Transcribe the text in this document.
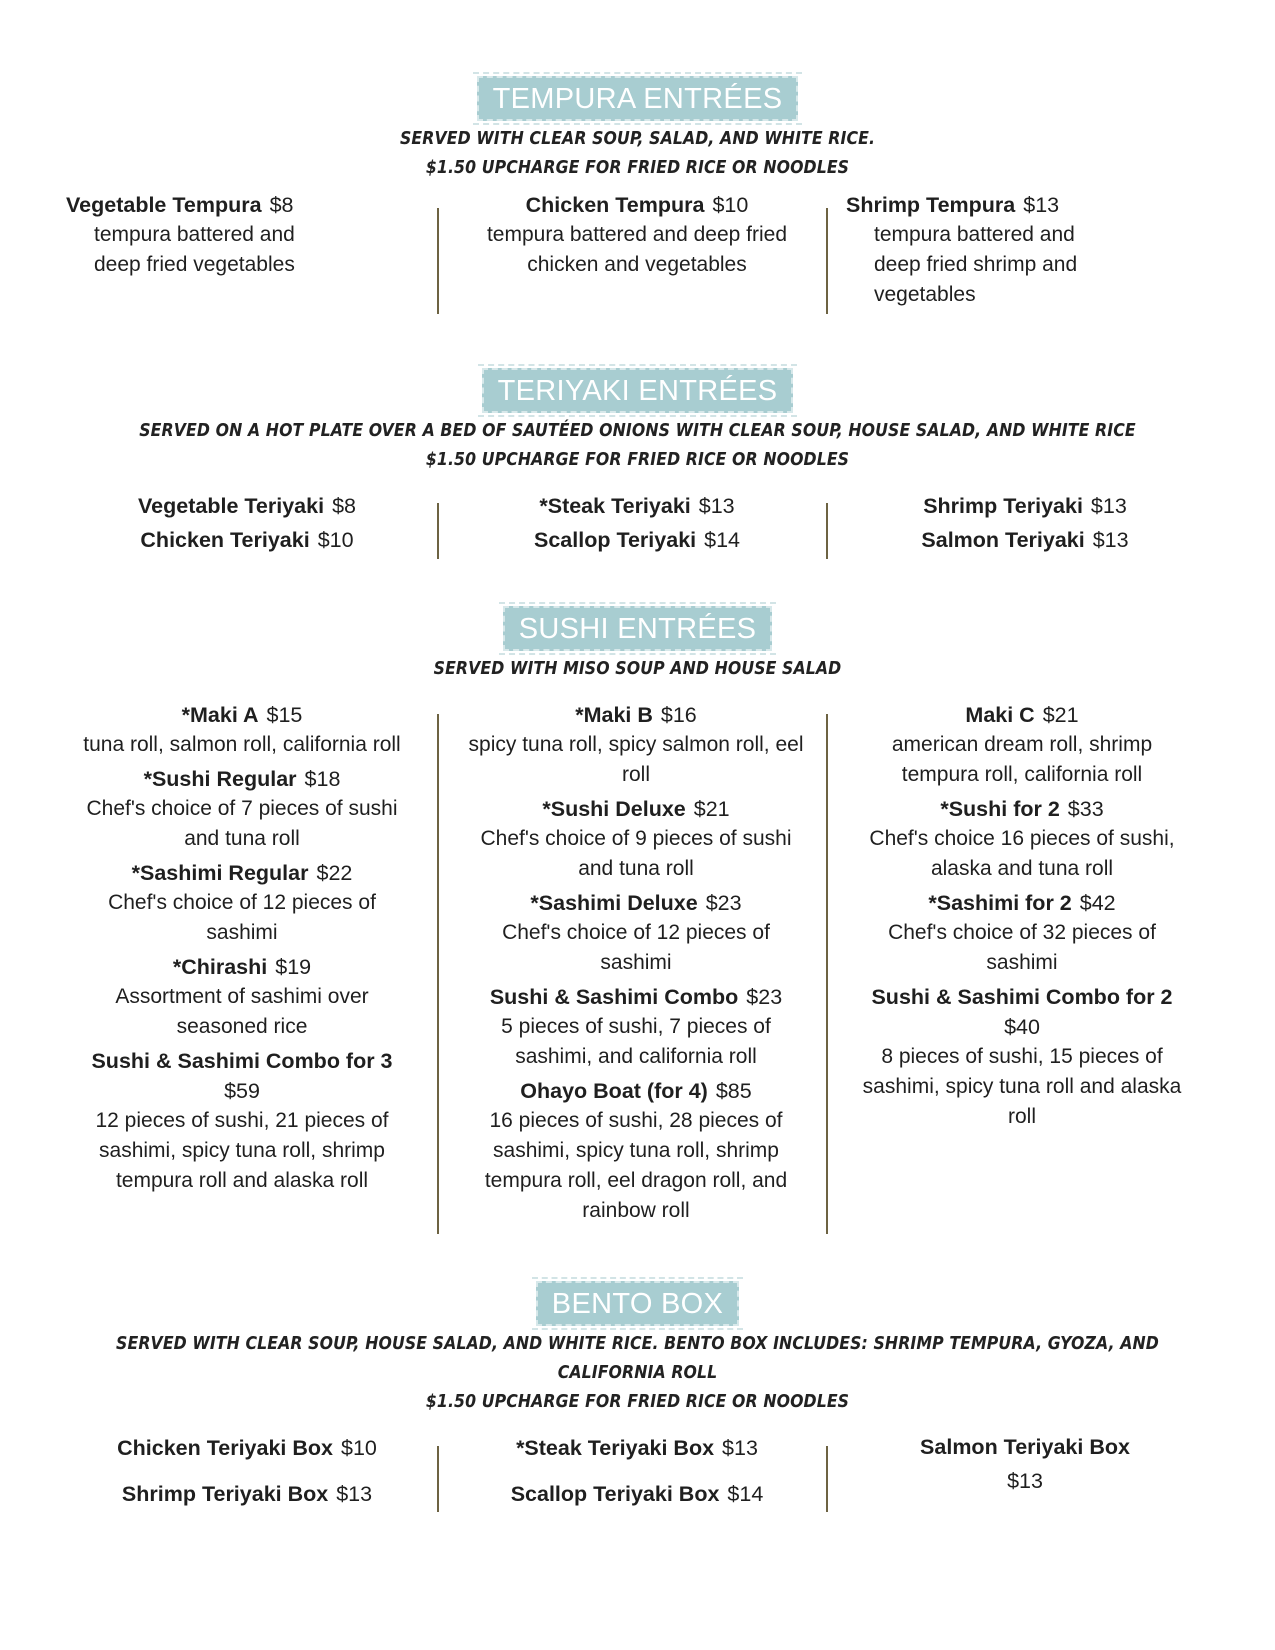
TEMPURA ENTRÉES
SERVED WITH CLEAR SOUP, SALAD, AND WHITE RICE.
$1.50 UPCHARGE FOR FRIED RICE OR NOODLES
Vegetable Tempura $8
tempura battered and
deep fried vegetables
Chicken Tempura $10
tempura battered and deep fried
chicken and vegetables
Shrimp Tempura $13
tempura battered and
deep fried shrimp and
vegetables
TERIYAKI ENTRÉES
SERVED ON A HOT PLATE OVER A BED OF SAUTÉED ONIONS WITH CLEAR SOUP, HOUSE SALAD, AND WHITE RICE
$1.50 UPCHARGE FOR FRIED RICE OR NOODLES
Vegetable Teriyaki $8
Chicken Teriyaki $10
*Steak Teriyaki $13
Scallop Teriyaki $14
Shrimp Teriyaki $13
Salmon Teriyaki $13
SUSHI ENTRÉES
SERVED WITH MISO SOUP AND HOUSE SALAD
*Maki A $15
tuna roll, salmon roll, california roll
*Sushi Regular $18
Chef's choice of 7 pieces of sushi and tuna roll
*Sashimi Regular $22
Chef's choice of 12 pieces of sashimi
*Chirashi $19
Assortment of sashimi over seasoned rice
Sushi & Sashimi Combo for 3
$59
12 pieces of sushi, 21 pieces of sashimi, spicy tuna roll, shrimp tempura roll and alaska roll
*Maki B $16
spicy tuna roll, spicy salmon roll, eel roll
*Sushi Deluxe $21
Chef's choice of 9 pieces of sushi and tuna roll
*Sashimi Deluxe $23
Chef's choice of 12 pieces of sashimi
Sushi & Sashimi Combo $23
5 pieces of sushi, 7 pieces of sashimi, and california roll
Ohayo Boat (for 4) $85
16 pieces of sushi, 28 pieces of sashimi, spicy tuna roll, shrimp tempura roll, eel dragon roll, and rainbow roll
Maki C $21
american dream roll, shrimp tempura roll, california roll
*Sushi for 2 $33
Chef's choice 16 pieces of sushi, alaska and tuna roll
*Sashimi for 2 $42
Chef's choice of 32 pieces of sashimi
Sushi & Sashimi Combo for 2
$40
8 pieces of sushi, 15 pieces of sashimi, spicy tuna roll and alaska roll
BENTO BOX
SERVED WITH CLEAR SOUP, HOUSE SALAD, AND WHITE RICE. BENTO BOX INCLUDES: SHRIMP TEMPURA, GYOZA, AND
CALIFORNIA ROLL
$1.50 UPCHARGE FOR FRIED RICE OR NOODLES
Chicken Teriyaki Box $10
Shrimp Teriyaki Box $13
*Steak Teriyaki Box $13
Scallop Teriyaki Box $14
Salmon Teriyaki Box
$13
